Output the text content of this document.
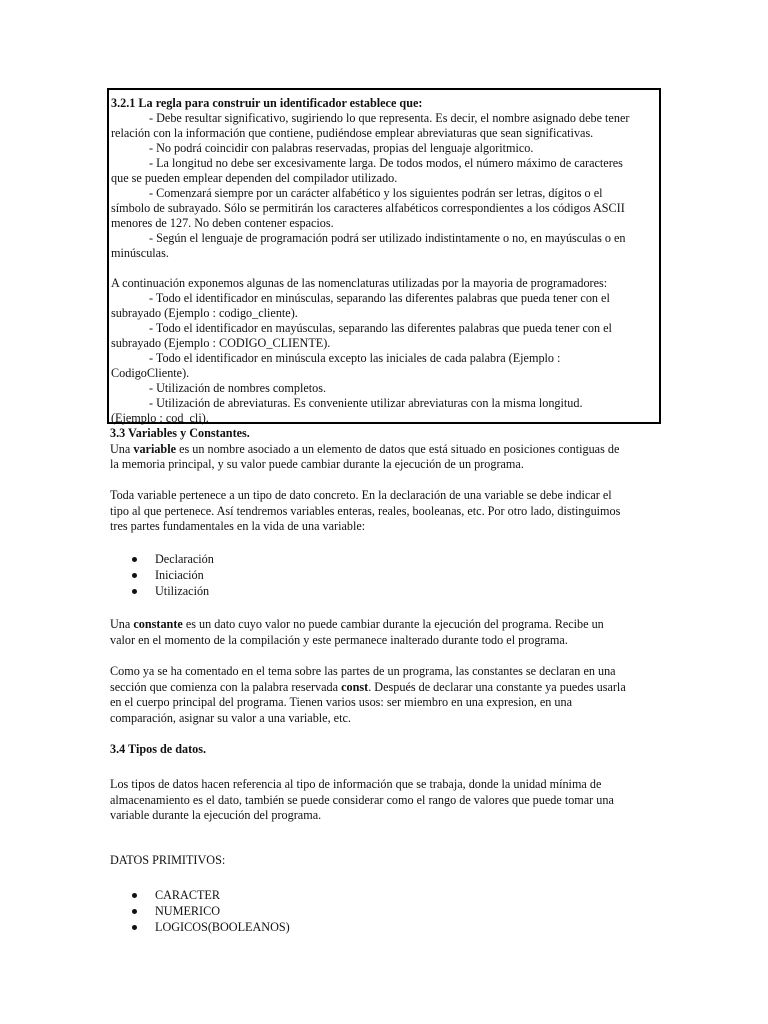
3.2.1 La regla para construir un identificador establece que:

- Debe resultar significativo, sugiriendo lo que representa. Es decir, el nombre asignado debe tener

relación con la información que contiene, pudiéndose emplear abreviaturas que sean significativas.

- No podrá coincidir con palabras reservadas, propias del lenguaje algoritmico.

- La longitud no debe ser excesivamente larga. De todos modos, el número máximo de caracteres

que se pueden emplear dependen del compilador utilizado.

- Comenzará siempre por un carácter alfabético y los siguientes podrán ser letras, dígitos o el

símbolo de subrayado. Sólo se permitirán los caracteres alfabéticos correspondientes a los códigos ASCII

menores de 127. No deben contener espacios.

- Según el lenguaje de programación podrá ser utilizado indistintamente o no, en mayúsculas o en

minúsculas.

A continuación exponemos algunas de las nomenclaturas utilizadas por la mayoria de programadores:

- Todo el identificador en minúsculas, separando las diferentes palabras que pueda tener con el

subrayado (Ejemplo : codigo_cliente).

- Todo el identificador en mayúsculas, separando las diferentes palabras que pueda tener con el

subrayado (Ejemplo : CODIGO_CLIENTE).

- Todo el identificador en minúscula excepto las iniciales de cada palabra (Ejemplo :

CodigoCliente).

- Utilización de nombres completos.

- Utilización de abreviaturas. Es conveniente utilizar abreviaturas con la misma longitud.

(Ejemplo : cod_cli).

3.3 Variables y Constantes.

Una variable es un nombre asociado a un elemento de datos que está situado en posiciones contiguas de

la memoria principal, y su valor puede cambiar durante la ejecución de un programa.

Toda variable pertenece a un tipo de dato concreto. En la declaración de una variable se debe indicar el

tipo al que pertenece. Así tendremos variables enteras, reales, booleanas, etc. Por otro lado, distinguimos

tres partes fundamentales en la vida de una variable:

Declaración
Iniciación
Utilización

Una constante es un dato cuyo valor no puede cambiar durante la ejecución del programa. Recibe un

valor en el momento de la compilación y este permanece inalterado durante todo el programa.

Como ya se ha comentado en el tema sobre las partes de un programa, las constantes se declaran en una

sección que comienza con la palabra reservada const. Después de declarar una constante ya puedes usarla

en el cuerpo principal del programa. Tienen varios usos: ser miembro en una expresion, en una

comparación, asignar su valor a una variable, etc.

3.4 Tipos de datos.

Los tipos de datos hacen referencia al tipo de información que se trabaja, donde la unidad mínima de

almacenamiento es el dato, también se puede considerar como el rango de valores que puede tomar una

variable durante la ejecución del programa.

DATOS PRIMITIVOS:

CARACTER
NUMERICO
LOGICOS(BOOLEANOS)
